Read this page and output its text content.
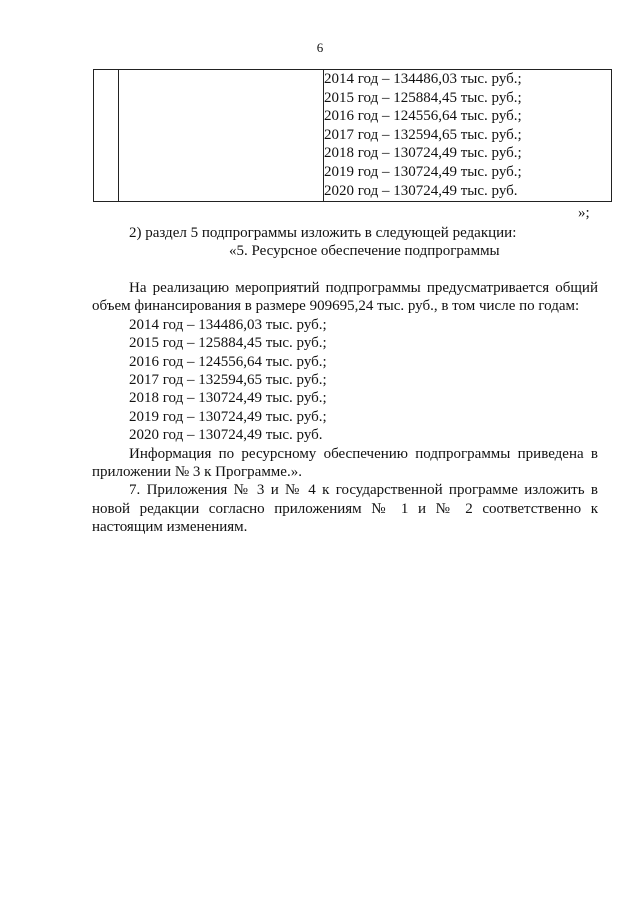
6

2014 год – 134486,03 тыс. руб.;
2015 год – 125884,45 тыс. руб.;
2016 год – 124556,64 тыс. руб.;
2017 год – 132594,65 тыс. руб.;
2018 год – 130724,49 тыс. руб.;
2019 год – 130724,49 тыс. руб.;
2020 год – 130724,49 тыс. руб.
»;
2) раздел 5 подпрограммы изложить в следующей редакции:
«5. Ресурсное обеспечение подпрограммы
На реализацию мероприятий подпрограммы предусматривается общий объем финансирования в размере 909695,24 тыс. руб., в том числе по годам:
2014 год – 134486,03 тыс. руб.;
2015 год – 125884,45 тыс. руб.;
2016 год – 124556,64 тыс. руб.;
2017 год – 132594,65 тыс. руб.;
2018 год – 130724,49 тыс. руб.;
2019 год – 130724,49 тыс. руб.;
2020 год – 130724,49 тыс. руб.
Информация по ресурсному обеспечению подпрограммы приведена в приложении № 3 к Программе.».
7. Приложения № 3 и № 4 к государственной программе изложить в новой редакции согласно приложениям № 1 и № 2 соответственно к настоящим изменениям.
